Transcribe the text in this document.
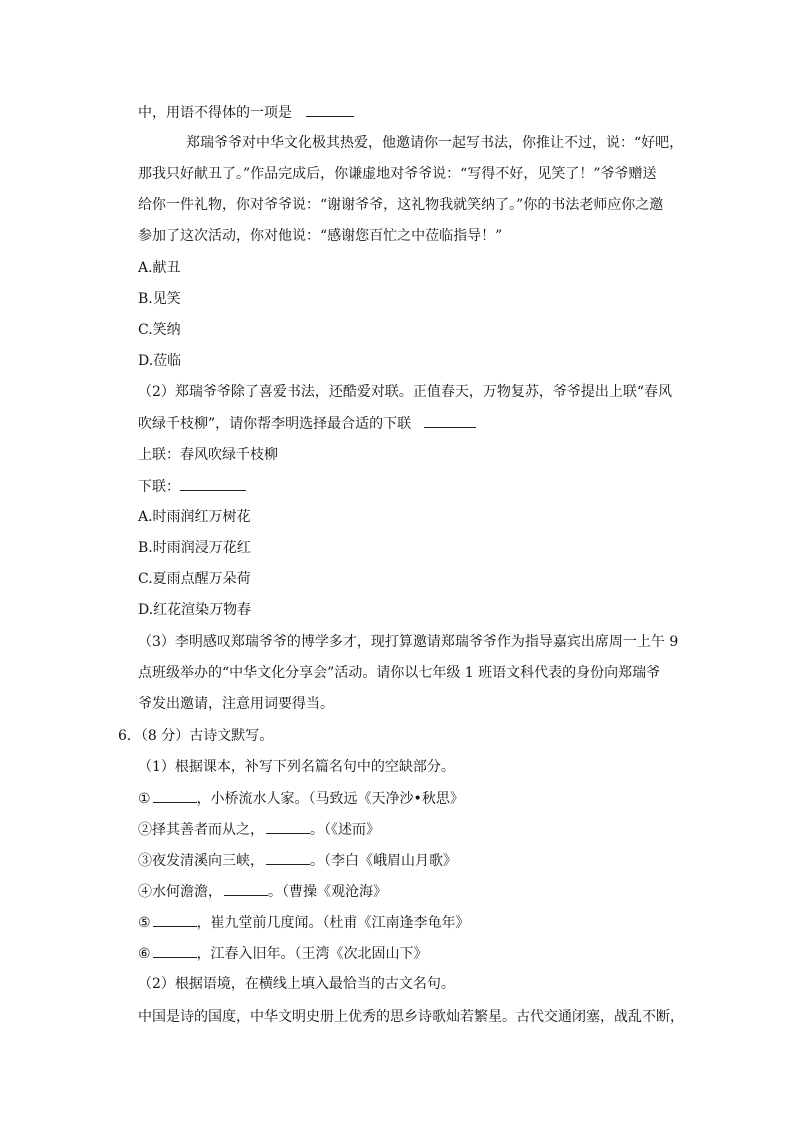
中，用语不得体的一项是
郑瑞爷爷对中华文化极其热爱，他邀请你一起写书法，你推让不过，说：“好吧，
那我只好献丑了。”作品完成后，你谦虚地对爷爷说：“写得不好，见笑了！”爷爷赠送
给你一件礼物，你对爷爷说：“谢谢爷爷，这礼物我就笑纳了。”你的书法老师应你之邀
参加了这次活动，你对他说：“感谢您百忙之中莅临指导！”
A.献丑
B.见笑
C.笑纳
D.莅临
（2）郑瑞爷爷除了喜爱书法，还酷爱对联。正值春天，万物复苏，爷爷提出上联“春风
吹绿千枝柳”，请你帮李明选择最合适的下联
上联：春风吹绿千枝柳
下联：
A.时雨润红万树花
B.时雨润浸万花红
C.夏雨点醒万朵荷
D.红花渲染万物春
（3）李明感叹郑瑞爷爷的博学多才，现打算邀请郑瑞爷爷作为指导嘉宾出席周一上午 9
点班级举办的“中华文化分享会”活动。请你以七年级 1 班语文科代表的身份向郑瑞爷
爷发出邀请，注意用词要得当。
6．（8 分）古诗文默写。
（1）根据课本，补写下列名篇名句中的空缺部分。
①	，小桥流水人家。（马致远《天净沙•秋思》
②择其善者而从之，	。（《述而》
③夜发清溪向三峡，	。（李白《峨眉山月歌》
④水何澹澹，	。（曹操《观沧海》
⑤	，崔九堂前几度闻。（杜甫《江南逢李龟年》
⑥	，江春入旧年。（王湾《次北固山下》
（2）根据语境，在横线上填入最恰当的古文名句。
中国是诗的国度，中华文明史册上优秀的思乡诗歌灿若繁星。古代交通闭塞，战乱不断，
